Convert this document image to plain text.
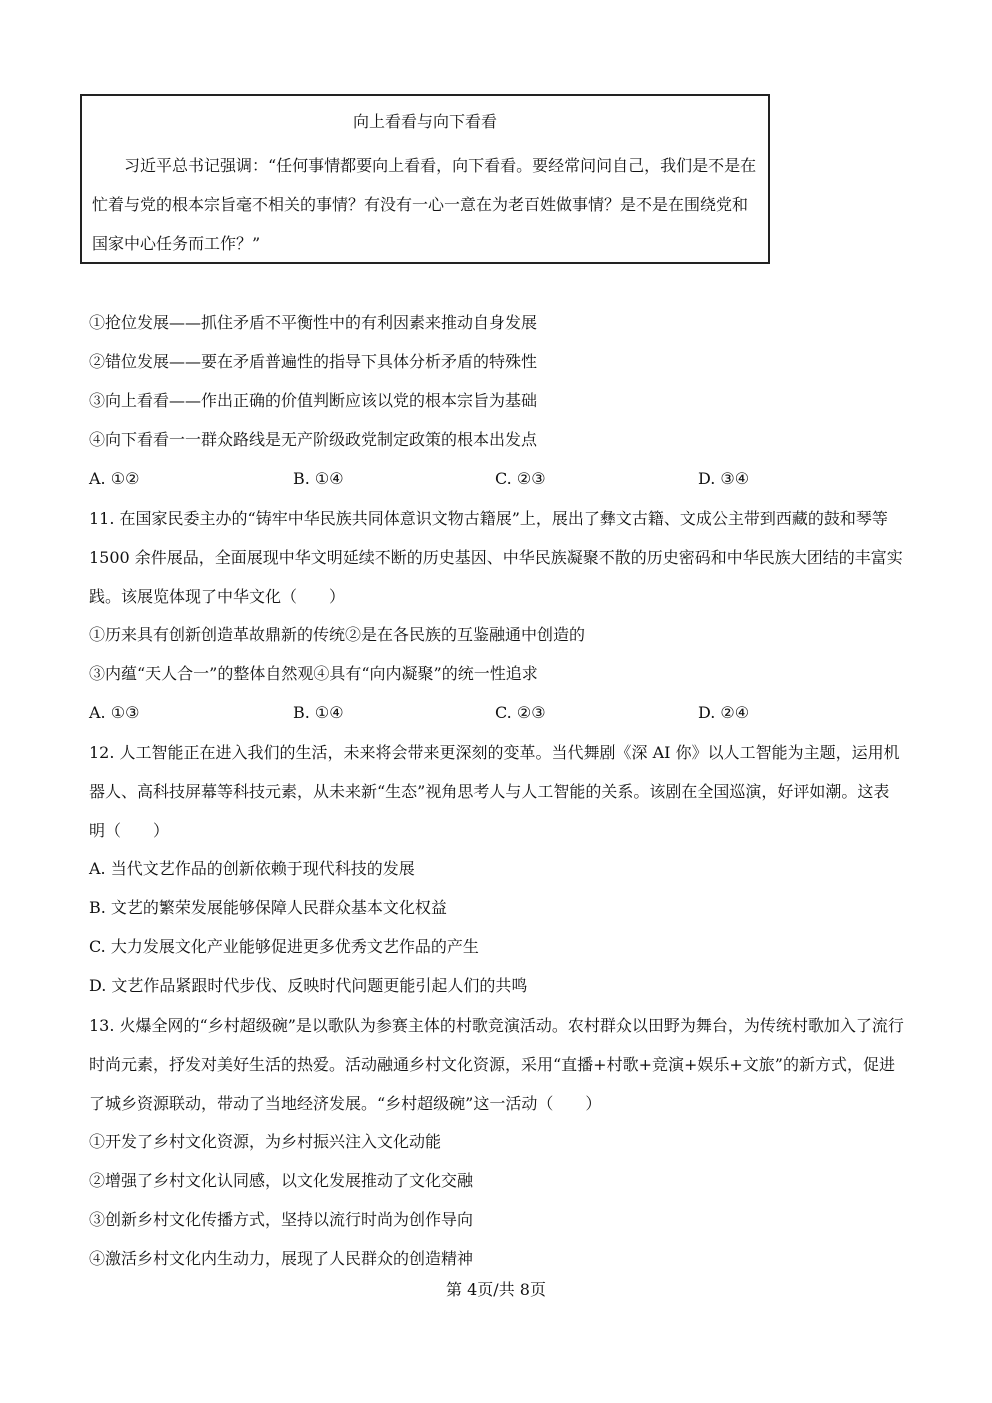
向上看看与向下看看

习近平总书记强调：“任何事情都要向上看看，向下看看。要经常问问自己，我们是不是在忙着与党的根本宗旨毫不相关的事情？有没有一心一意在为老百姓做事情？是不是在围绕党和国家中心任务而工作？”

①抢位发展——抓住矛盾不平衡性中的有利因素来推动自身发展
②错位发展——要在矛盾普遍性的指导下具体分析矛盾的特殊性
③向上看看——作出正确的价值判断应该以党的根本宗旨为基础
④向下看看一一群众路线是无产阶级政党制定政策的根本出发点
A. ①②	B. ①④	C. ②③	D. ③④

11. 在国家民委主办的“铸牢中华民族共同体意识文物古籍展”上，展出了彝文古籍、文成公主带到西藏的鼓和琴等 1500 余件展品，全面展现中华文明延续不断的历史基因、中华民族凝聚不散的历史密码和中华民族大团结的丰富实践。该展览体现了中华文化（　　）

①历来具有创新创造革故鼎新的传统②是在各民族的互鉴融通中创造的
③内蕴“天人合一”的整体自然观④具有“向内凝聚”的统一性追求
A. ①③	B. ①④	C. ②③	D. ②④

12. 人工智能正在进入我们的生活，未来将会带来更深刻的变革。当代舞剧《深 AI 你》以人工智能为主题，运用机器人、高科技屏幕等科技元素，从未来新“生态”视角思考人与人工智能的关系。该剧在全国巡演，好评如潮。这表明（　　）

A. 当代文艺作品的创新依赖于现代科技的发展
B. 文艺的繁荣发展能够保障人民群众基本文化权益
C. 大力发展文化产业能够促进更多优秀文艺作品的产生
D. 文艺作品紧跟时代步伐、反映时代问题更能引起人们的共鸣

13. 火爆全网的“乡村超级碗”是以歌队为参赛主体的村歌竞演活动。农村群众以田野为舞台，为传统村歌加入了流行时尚元素，抒发对美好生活的热爱。活动融通乡村文化资源，采用“直播+村歌+竞演+娱乐+文旅”的新方式，促进了城乡资源联动，带动了当地经济发展。“乡村超级碗”这一活动（　　）

①开发了乡村文化资源，为乡村振兴注入文化动能
②增强了乡村文化认同感，以文化发展推动了文化交融
③创新乡村文化传播方式，坚持以流行时尚为创作导向
④激活乡村文化内生动力，展现了人民群众的创造精神
第 4页/共 8页
